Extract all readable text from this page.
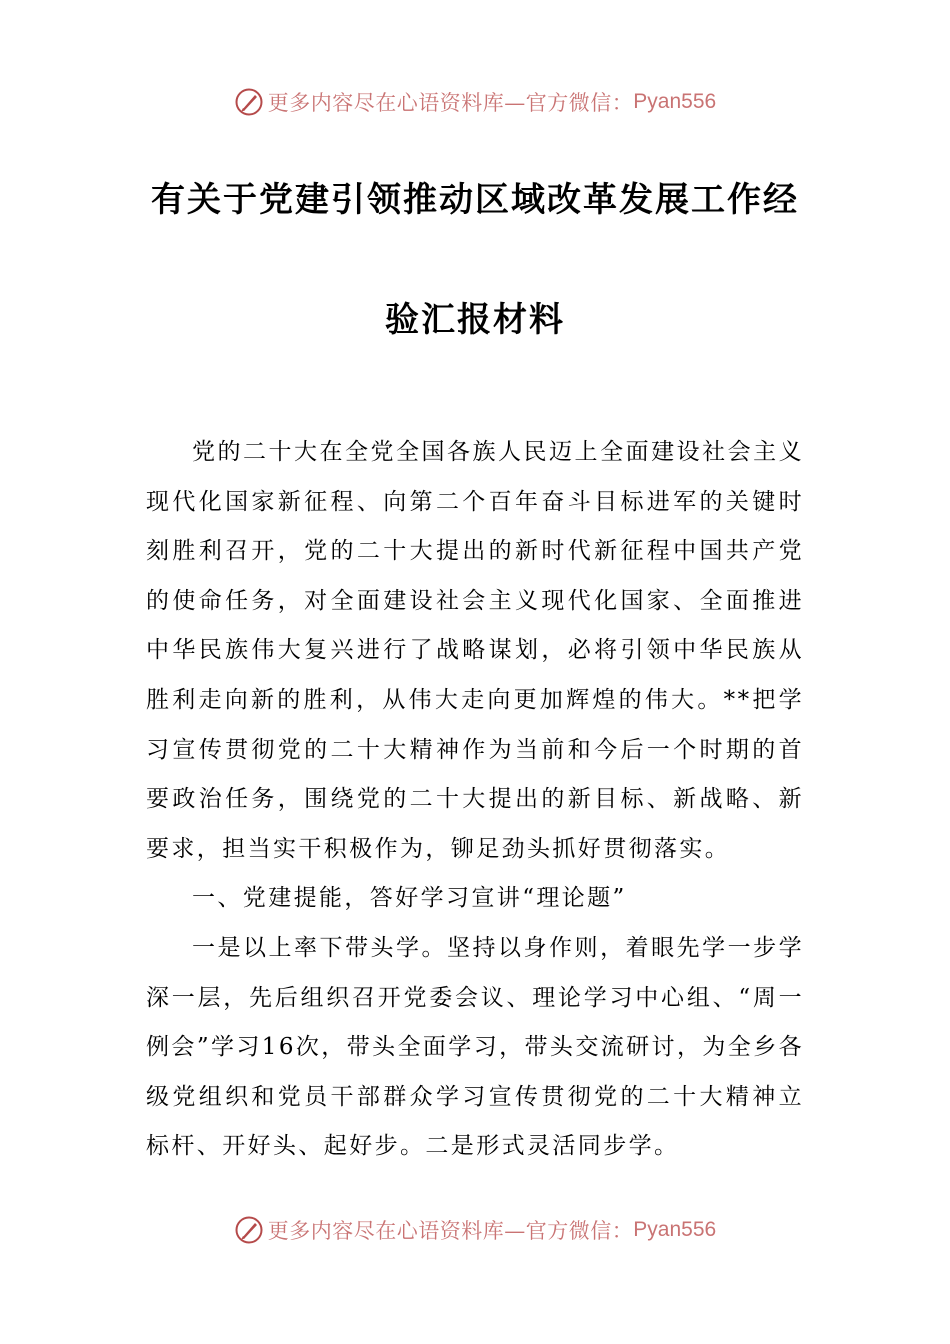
更多内容尽在心语资料库—官方微信： Pyan556
有关于党建引领推动区域改革发展工作经
验汇报材料

党的二十大在全党全国各族人民迈上全面建设社会主义现代化国家新征程、向第二个百年奋斗目标进军的关键时刻胜利召开，党的二十大提出的新时代新征程中国共产党的使命任务，对全面建设社会主义现代化国家、全面推进中华民族伟大复兴进行了战略谋划，必将引领中华民族从胜利走向新的胜利，从伟大走向更加辉煌的伟大。**把学习宣传贯彻党的二十大精神作为当前和今后一个时期的首要政治任务，围绕党的二十大提出的新目标、新战略、新要求，担当实干积极作为，铆足劲头抓好贯彻落实。

一、党建提能，答好学习宣讲“理论题”

一是以上率下带头学。坚持以身作则，着眼先学一步学深一层，先后组织召开党委会议、理论学习中心组、“周一例会”学习16次，带头全面学习，带头交流研讨，为全乡各级党组织和党员干部群众学习宣传贯彻党的二十大精神立标杆、开好头、起好步。二是形式灵活同步学。

更多内容尽在心语资料库—官方微信： Pyan556
